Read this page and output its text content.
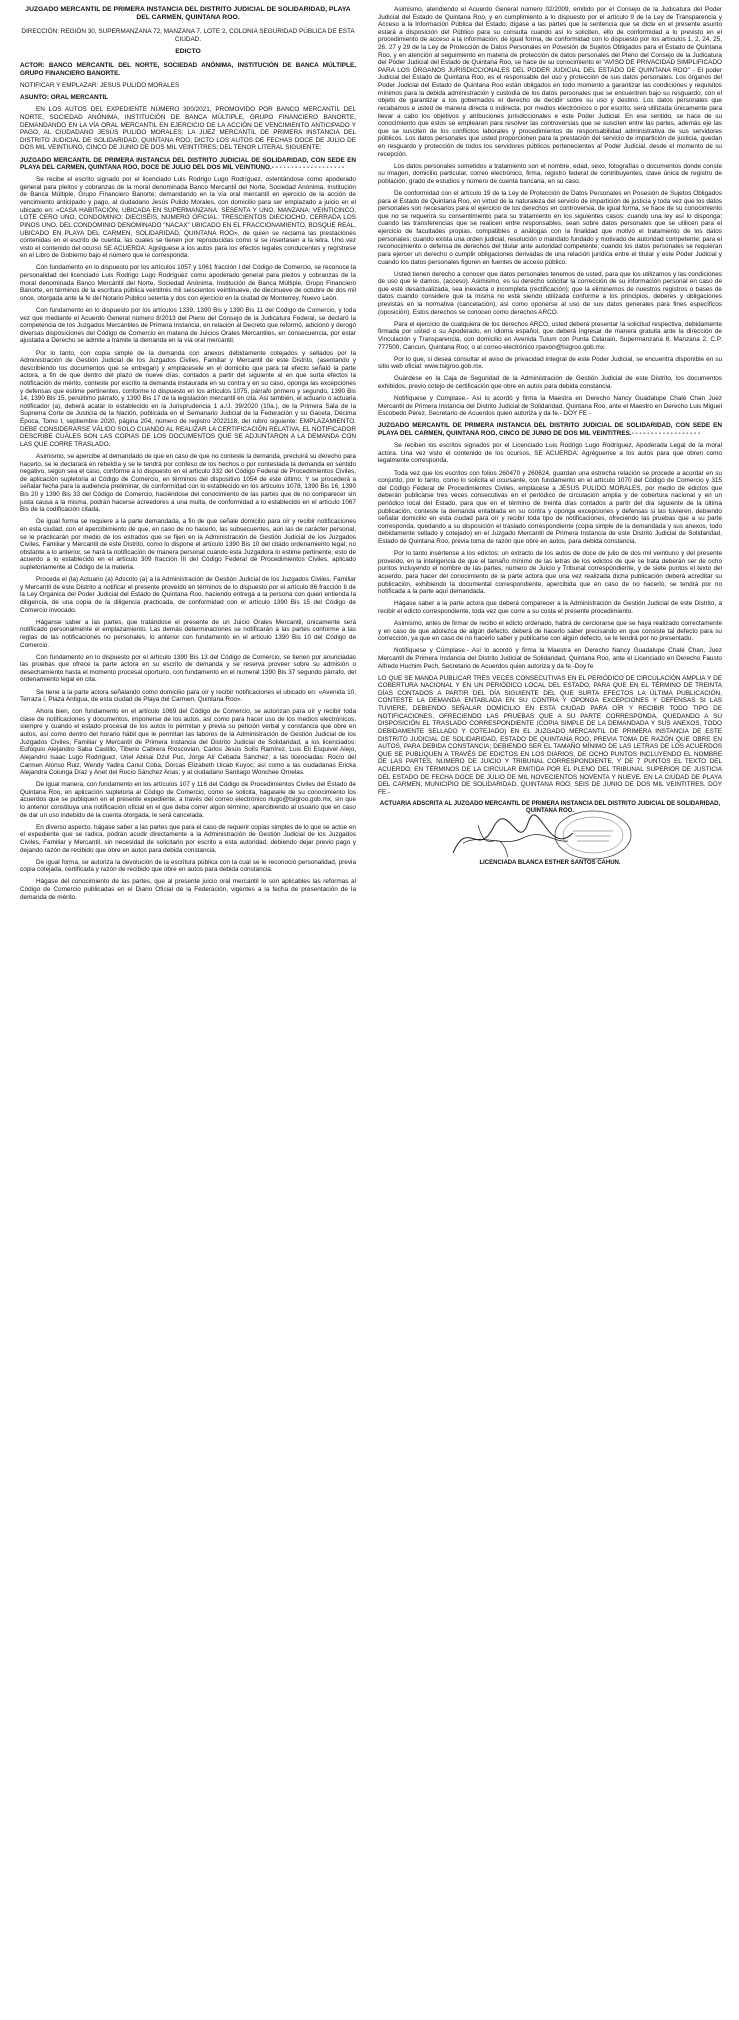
JUZGADO MERCANTIL DE PRIMERA INSTANCIA DEL DISTRITO JUDICIAL DE SOLIDARIDAD, PLAYA DEL CARMEN, QUINTANA ROO.

DIRECCIÓN: REGIÓN 30, SUPERMANZANA 72, MANZANA 7, LOTE 2, COLONIA SEGURIDAD PÚBLICA DE ESTA CIUDAD.

EDICTO

ACTOR: BANCO MERCANTIL DEL NORTE, SOCIEDAD ANÓNIMA, INSTITUCIÓN DE BANCA MÚLTIPLE, GRUPO FINANCIERO BANORTE.

NOTIFICAR Y EMPLAZAR: JESUS PULIDO MORALES

ASUNTO: ORAL MERCANTIL

EN LOS AUTOS DEL EXPEDIENTE NÚMERO 300/2021, PROMOVIDO POR BANCO MERCANTIL DEL NORTE, SOCIEDAD ANÓNIMA, INSTITUCIÓN DE BANCA MÚLTIPLE, GRUPO FINANCIERO BANORTE, DEMANDANDO EN LA VÍA ORAL MERCANTIL EN EJERCICIO DE LA ACCIÓN DE VENCIMIENTO ANTICIPADO Y PAGO, AL CIUDADANO JESÚS PULIDO MORALES; LA JUEZ MERCANTIL DE PRIMERA INSTANCIA DEL DISTRITO JUDICIAL DE SOLIDARIDAD, QUINTANA ROO, DICTO LOS AUTOS DE FECHAS DOCE DE JULIO DE DOS MIL VEINTIUNO, CINCO DE JUNIO DE DOS MIL VEINTITRES; DEL TENOR LITERAL SIGUIENTE:

JUZGADO MERCANTIL DE PRIMERA INSTANCIA DEL DISTRITO JUDICIAL DE SOLIDARIDAD, CON SEDE EN PLAYA DEL CARMEN, QUINTANA ROO, DOCE DE JULIO DEL DOS MIL VEINTIUNO.- - - - - - - - - - - - - - - - - - -

Se recibe el escrito signado por el licenciado Luis Rodrigo Lugo Rodríguez, ostentándose como apoderado general para pleitos y cobranzas de la moral denominada Banco Mercantil del Norte, Sociedad Anónima, Institución de Banca Múltiple, Grupo Financiero Banorte; demandando en la vía oral mercantil en ejercicio de la acción de vencimiento anticipado y pago, al ciudadano Jesús Pulido Morales, con domicilio para ser emplazado a juicio en el ubicado en: «CASA HABITACIÓN, UBICADA EN SUPERMANZANA: SESENTA Y UNO, MANZANA: VEINTICINCO, LOTE CERO UNO, CONDOMINIO: DIECISÉIS, NUMERO OFICIAL: TRESCIENTOS DIECIOCHO, CERRADA LOS PINOS UNO, DEL CONDOMINIO DENOMINADO "NACAX" UBICADO EN EL FRACCIONAMIENTO, BOSQUE REAL, UBICADO EN PLAYA DEL CARMEN, SOLIDARIDAD, QUINTANA ROO», de quien se reclama las prestaciones contenidas en el escrito de cuenta, las cuales se tienen por reproducidas como si se insertasen a la letra. Uno vez visto el contenido del ocurso SE ACUERDA: Agréguese a los autos para los efectos legales conducentes y regístrese en el Libro de Gobierno bajo el número que le corresponda.

Con fundamento en lo dispuesto por los artículos 1057 y 1061 fracción I del Código de Comercio, se reconoce la personalidad del licenciado Luis Rodrigo Lugo Rodríguez como apoderado general para pleitos y cobranzas de la moral denominada Banco Mercantil del Norte, Sociedad Anónima, Institución de Banca Múltiple, Grupo Financiero Banorte, en términos de la escritura pública veintitrés mil seiscientos veintinueve, de diecinueve de octubre de dos mil once, otorgada ante la fe del Notario Público setenta y dos con ejercicio en la ciudad de Monterrey, Nuevo León.

Con fundamento en lo dispuesto por los artículos 1339, 1390 Bis y 1390 Bis 11 del Código de Comercio, y toda vez que mediante el Acuerdo General número 8/2013 del Pleno del Consejo de la Judicatura Federal, se declaró la competencia de los Juzgados Mercantiles de Primera Instancia, en relación al Decreto que reformó, adicionó y derogó diversas disposiciones del Código de Comercio en materia de Juicios Orales Mercantiles, en consecuencia, por estar ajustada a Derecho se admite a trámite la demanda en la vía oral mercantil.

Por lo tanto, con copia simple de la demanda con anexos debidamente cotejados y sellados por la Administración de Gestión Judicial de los Juzgados Civiles, Familiar y Mercantil de este Distrito, (asentando y describiendo los documentos que se entregan) y emplácesele en el domicilio que para tal efecto señaló la parte actora, a fin de que dentro del plazo de nueve días, contados a partir del siguiente al en que surta efectos la notificación de mérito, conteste por escrito la demanda instaurada en su contra y en su caso, oponga las excepciones y defensas que estime pertinentes, conforme lo dispuesto en los artículos 1075, párrafo primero y segundo, 1390 Bis 14, 1390 Bis 15, penúltimo párrafo, y 1390 Bis 17 de la legislación mercantil en cita. Así también, el actuario o actuaria notificador (a), deberá acatar lo establecido en la Jurisprudencia 1 a./J. 39/2020 (10a.), de la Primera Sala de la Suprema Corte de Justicia de la Nación, publicada en el Semanario Judicial de la Federación y su Gaceta, Décima Época, Tomo I, septiembre 2020, página 204, número de registro 2022118, del rubro siguiente: EMPLAZAMIENTO. DEBE CONSIDERARSE VÁLIDO SOLO CUANDO AL REALIZAR LA CERTIFICACIÓN RELATIVA, EL NOTIFICADOR DESCRIBE CUÁLES SON LAS COPIAS DE LOS DOCUMENTOS QUE SE ADJUNTARON A LA DEMANDA CON LAS QUE CORRE TRASLADO.

Asimismo, se apercibe al demandado de que en caso de que no conteste la demanda, precluirá su derecho para hacerlo, se le declarará en rebeldía y se le tendrá por confeso de los hechos o por contestada la demanda en sentido negativo, según sea el caso, conforme a lo dispuesto en el artículo 332 del Código Federal de Procedimientos Civiles, de aplicación supletoria al Código de Comercio, en términos del dispositivo 1054 de este último. Y se procederá a señalar fecha para la audiencia preliminar, de conformidad con lo establecido en los artículos 1078, 1390 Bis 16, 1390 Bis 20 y 1390 Bis 33 del Código de Comercio, haciéndose del conocimiento de las partes que de no comparecer sin justa causa a la misma, podrán hacerse acreedores a una multa, de conformidad a lo establecido en el artículo 1067 Bis de la codificación citada.

De igual forma se requiere a la parte demandada, a fin de que señale domicilio para oír y recibir notificaciones en esta ciudad, con el apercibimiento de que, en caso de no hacerlo, las subsecuentes, aún las de carácter personal, se le practicarán por medio de los estrados que se fijen en la Administración de Gestión Judicial de los Juzgados Civiles, Familiar y Mercantil de este Distrito, como lo dispone el artículo 1390 Bis 10 del citado ordenamiento legal; no obstante a lo anterior, se hará la notificación de manera personal cuando esta Juzgadora lo estime pertinente, esto de acuerdo a lo establecido en el artículo 309 fracción III del Código Federal de Procedimientos Civiles, aplicado supletoriamente al Código de la materia.

Proceda el (la) Actuario (a) Adscrito (a) a la Administración de Gestión Judicial de los Juzgados Civiles, Familiar y Mercantil de este Distrito a notificar el presente proveído en términos de lo dispuesto por el artículo 86 fracción II de la Ley Orgánica del Poder Judicial del Estado de Quintana Roo, haciendo entrega a la persona con quien entienda la diligencia, de una copia de la diligencia practicada, de conformidad con el artículo 1390 Bis 15 del Código de Comercio invocado.

Háganse saber a las partes, que tratándose el presente de un Juicio Orales Mercantil, únicamente será notificado personalmente el emplazamiento. Las demás determinaciones se notificarán a las partes conforme a las reglas de las notificaciones no personales, lo anterior con fundamento en el artículo 1390 Bis 10 del Código de Comercio.

Con fundamento en lo dispuesto por el artículo 1390 Bis 13 del Código de Comercio, se tienen por anunciadas las pruebas que ofrece la parte actora en su escrito de demanda y se reserva proveer sobre su admisión o desechamiento hasta el momento procesal oportuno, con fundamento en el numeral 1390 Bis 37 segundo párrafo, del ordenamiento legal en cita.

Se tiene a la parte actora señalando como domicilio para oír y recibir notificaciones el ubicado en: «Avenida 10, Terraza I, Plaza Antigua, de esta ciudad de Playa del Carmen, Quintana Roo».

Ahora bien, con fundamento en el artículo 1069 del Código de Comercio, se autorizan para oír y recibir toda clase de notificaciones y documentos, imponerse de los autos, así como para hacer uso de los medios electrónicos, siempre y cuando el estado procesal de los autos lo permitan y previa su petición verbal y constancia que obre en autos, así como dentro del horario hábil que le permitan las labores de la Administración de Gestión Judicial de los Juzgados Civiles, Familiar y Mercantil de Primera Instancia del Distrito Judicial de Solidaridad, a los licenciados: Eufoquio Alejandro Saba Castillo, Tiberio Cabrera Rioscovian, Carlos Jesús Solís Ramírez, Luis Eli Esquivel Alejo, Alejandro Isaac Lugo Rodríguez, Uriel Abisai Dzul Puc, Jorge Alí Cebada Sánchez; a las licenciadas: Rocío del Carmen Alonso Ruiz, Wendy Yadira Canul Coba, Dorcas Elizabeth Uicab Kuyoc; así como a las ciudadanas Ericka Alejandra Colunga Díaz y Anet del Rocío Sánchez Arias; y al ciudadano Santiago Wonchee Ornelas.

De igual manera, con fundamento en los artículos 107 y 116 del Código de Procedimientos Civiles del Estado de Quintana Roo, en aplicación supletoria al Código de Comercio, como se solicita, hágasele de su conocimiento los acuerdos que se publiquen en el presente expediente, a través del correo electrónico rlugo@tsigroo.gob.mx, sin que lo anterior constituya una notificación oficial en el que deba correr algún término; apercibiendo al usuario que en caso de dar un uso indebido de la cuenta otorgada, le será cancelada.

En diverso aspecto, hágase saber a las partes que para el caso de requerir copias simples de lo que se actúe en el expediente que se radica, podrán acudir directamente a la Administración de Gestión Judicial de los Juzgados Civiles, Familiar y Mercantil, sin necesidad de solicitarlo por escrito a esta autoridad, debiendo dejar previo pago y dejando razón de recibido que obre en autos para debida constancia.

De igual forma, se autoriza la devolución de la escritura pública con la cual se le reconoció personalidad, previa copia cotejada, certificada y razón de recibido que obre en autos para debida constancia.

Hágase del conocimiento de las partes, que al presente juicio oral mercantil le son aplicables las reformas al Código de Comercio publicadas en el Diario Oficial de la Federación, vigentes a la fecha de presentación de la demanda de mérito.

Asimismo, atendiendo el Acuerdo General número 02/2009, emitido por el Consejo de la Judicatura del Poder Judicial del Estado de Quintana Roo, y en cumplimiento a lo dispuesto por el artículo 9 de la Ley de Transparencia y Acceso a la Información Pública del Estado; dígase a las partes que la sentencia que se dicte en el presente asunto estará a disposición del Público para su consulta cuando así lo soliciten, ello de conformidad a lo previsto en el procedimiento de acceso a la información; de igual forma, de conformidad con lo dispuesto por los artículos 1, 2, 24, 25, 26, 27 y 29 de la Ley de Protección de Datos Personales en Posesión de Sujetos Obligados para el Estado de Quintana Roo, y en atención al seguimiento en materia de protección de datos personales del Pleno del Consejo de la Judicatura del Poder Judicial del Estado de Quintana Roo, se hace de su conocimiento el "AVISO DE PRIVACIDAD SIMPLIFICADO PARA LOS ÓRGANOS JURISDICCIONALES DEL PODER JUDICIAL DEL ESTADO DE QUINTANA ROO" - El poder Judicial del Estado de Quintana Roo, es el responsable del uso y protección de sus datos personales. Los órganos del Poder Judicial del Estado de Quintana Roo están obligados en todo momento a garantizar las condiciones y requisitos mínimos para la debida administración y custodia de los datos personales que se encuentren bajo su resguardo, con el objeto de garantizar a los gobernados el derecho de decidir sobre su uso y destino. Los datos personales que recabamos e usted de manera directa o indirecta, por medios electrónicos o por escrito, será utilizada únicamente para llevar a cabo los objetivos y atribuciones jurisdiccionales e este Poder Judicial. En ese sentido, se hace de su conocimiento que estos se emplearan para resolver las controversias que se susciten entre las partes, además eje las que se susciten de los conflictos laborales y procedimientos de responsabilidad administrativa de sus servidores públicos. Los datos personales que usted proporcionen para la prestación del servicio de impartición de justicia, quedan en resguardo y protección de todos los servidores públicos pertenecientes al Poder Judicial, desde el momento de su recepción.

Los datos personales sometidos a tratamiento son el nombre, edad, sexo, fotografías o documentos donde conste su imagen, domicilio particular, correo electrónico, firma, registro federal de contribuyentes, clave única de registro de población, grado de estudios y número de cuenta bancaria, en su caso.

De conformidad con el artículo 19 de la Ley de Protección de Datos Personales en Posesión de Sujetos Obligados para el Estado de Quintana Roo, en virtud de la naturaleza del servicio de impartición de justicia y toda vez que los datos personales son necesarios para el ejercicio de los derechos en controversia, de igual forma, se hace de su conocimiento que no se requerirá su consentimiento para su tratamiento en los siguientes casos: cuando una ley así lo disponga; cuando las transferencias que se realicen entre responsables, sean sobre datos personales que se utilicen para el ejercicio de facultades propias, compatibles o análogas con la finalidad que motivó el tratamiento de los datos personales; cuando exista una orden judicial, resolución o mandato fundado y motivado de autoridad competente; para el reconocimiento o defensa de derechos del titular ante autoridad competente; cuando los datos personales se requieran para ejercer un derecho o cumplir obligaciones derivadas de una relación jurídica entre el titular y este Poder Judicial y cuando los datos personales figuren en fuentes de acceso público.

Usted tienen derecho a conocer que datos personales tenemos de usted, para que los utilizamos y las condiciones de uso que le damos, (acceso). Asimismo, es su derecho solicitar la corrección de su información personal en caso de que esté desactualizada, sea inexacta o incompleta (rectificación); que la eliminemos de nuestros registros o bases de datos cuando considere que la misma no está siendo utilizada conforme a los principios, deberes y obligaciones previstas en la normativa (cancelación); así como oponerse al uso de sus datos generales para fines específicos (oposición). Estos derechos se conocen como derechos ARCO.

Para el ejercicio de cualquiera de los derechos ARCO, usted deberá presentar la solicitud respectiva, debidamente firmada por usted o su Apoderado, en idioma español, que deberá ingresar de manera gratuita ante la dirección de Vinculación y Transparencia, con domicilio en Avenida Tulum con Punta Celarain, Supermanzana 8, Manzana 2, C.P. 777500, Cancun, Quintana Roo; o al correo electrónico rpavon@tsigroo.gob.mx.

Por lo que, si desea consultar el aviso de privacidad integral de este Poder Judicial, se encuentra disponible en su sitio web oficial: www.tsigroo.gob.mx.

Guárdese en la Caja de Seguridad de la Administración de Gestión Judicial de este Distrito, los documentos exhibidos, previo cotejo de certificación que obre en autos para debida constancia.

Notifíquese y Cúmplase.- Así lo acordó y firma la Maestra en Derecho Nancy Guadalupe Chalé Chan Juez Mercantil de Primera Instancia del Distrito Judicial de Solidaridad, Quintana Roo, ante el Maestro en Derecho Luis Miguel Escobedo Pérez, Secretario de Acuerdos quien autoriza y da fe.- DOY FE -

JUZGADO MERCANTIL DE PRIMERA INSTANCIA DEL DISTRITO JUDICIAL DE SOLIDARIDAD, CON SEDE EN PLAYA DEL CARMEN, QUINTANA ROO, CINCO DE JUNIO DE DOS MIL VEINTITRES.- - - - - - - - - - - - - - - - - -

Se reciben los escritos signados por el Licenciado Luis Rodrigo Lugo Rodríguez, Apoderada Legal de la moral actora. Una vez visto el contenido de los ocursos, SE ACUERDA: Agréguense a los autos para que obren como legalmente corresponda.

Toda vez que los escritos con folios 260470 y 260624, guardan una estrecha relación se procede a acordar en su conjunto, por lo tanto, como lo solicita el ocursante, con fundamento en el artículo 1070 del Código de Comercio y 315 del Código Federal de Procedimientos Civiles, emplácese a JESUS PULIDO MORALES, por medio de edictos que deberán publicarse tres veces consecutivas en el periódico de circulación amplia y de cobertura nacional y en un periódico local del Estado, para que en el término de treinta días contados a partir del día siguiente de la última publicación, conteste la demanda entablada en su contra y oponga excepciones y defensas si las tuvieren, debiendo señalar domicilio en esta ciudad para oír y recibir toda tipo de notificaciones, ofreciendo las pruebas que a su parte corresponda, quedando a su disposición el traslado correspondiente (copia simple de la demandada y sus anexos, todo debidamente sellado y cotejado) en el Juzgado Mercantil de Primera Instancia de este Distrito Judicial de Solidaridad, Estado de Quintana Roo, previa toma de razón que obre en autos, para debida constancia.

Por lo tanto insértense a los edictos: un extracto de los autos de doce de julio de dos mil veintiuno y del presente proveído, en la inteligencia de que el tamaño mínimo de las letras de los edictos de que se trata deberán ser de ocho puntos incluyendo el nombre de las partes, número de Juicio y Tribunal correspondiente, y de siete puntos el texto del acuerdo, para hacer del conocimiento de la parte actora que una vez realizada dicha publicación deberá acreditar su publicación, exhibiendo la documental correspondiente, apercibida que en caso de no hacerlo, se tendrá por no notificada a la parte aquí demandada.

Hágase saber a la parte actora que deberá comparecer a la Administración de Gestión Judicial de este Distrito, a recibir el edicto correspondiente, toda vez que corre a su costa el presente procedimiento.

Asimismo, antes de firmar de recibo el edicto ordenado, habrá de cerciorarse que se haya realizado correctamente y en caso de que adolezca de algún defecto, deberá de hacerlo saber precisando en que consiste tal defecto para su corrección, ya que en caso de no hacerlo saber y publicarse con algún defecto, se le tendrá por no presentado.

Notifíquese y Cúmplase.- Así lo acordó y firma la Maestra en Derecho Nancy Guadalupe Chalé Chan, Juez Mercantil de Primera Instancia del Distrito Judicial de Solidaridad, Quintana Roo, ante el Licenciado en Derecho Fausto Alfredo Huchim Pech, Secretario de Acuerdos quien autoriza y da fe.-Doy fe

LO QUE SE MANDA PUBLICAR TRES VECES CONSECUTIVAS EN EL PERIÓDICO DE CIRCULACIÓN AMPLIA Y DE COBERTURA NACIONAL Y EN UN PERIÓDICO LOCAL DEL ESTADO, PARA QUE EN EL TÉRMINO DE TREINTA DÍAS CONTADOS A PARTIR DEL DÍA SIGUIENTE DEL QUE SURTA EFECTOS LA ÚLTIMA PUBLICACIÓN, CONTESTE LA DEMANDA ENTABLADA EN SU CONTRA Y OPONGA EXCEPCIONES Y DEFENSAS SI LAS TUVIERE, DEBIENDO SEÑALAR DOMICILIO EN ESTA CIUDAD PARA OÍR Y RECIBIR TODO TIPO DE NOTIFICACIONES, OFRECIENDO LAS PRUEBAS QUE A SU PARTE CORRESPONDA, QUEDANDO A SU DISPOSICIÓN EL TRASLADO CORRESPONDIENTE (COPIA SIMPLE DE LA DEMANDADA Y SUS ANEXOS, TODO DEBIDAMENTE SELLADO Y COTEJADO) EN EL JUZGADO MERCANTIL DE PRIMERA INSTANCIA DE ESTE DISTRITO JUDICIAL DE SOLIDARIDAD, ESTADO DE QUINTANA ROO, PREVIA TOMA DE RAZÓN QUE OBRE EN AUTOS, PARA DEBIDA CONSTANCIA; DEBIENDO SER EL TAMAÑO MÍNIMO DE LAS LETRAS DE LOS ACUERDOS QUE SE PUBLIQUEN A TRAVÉS DE EDICTOS EN LOS DIARIOS, DE OCHO PUNTOS INCLUYENDO EL NOMBRE DE LAS PARTES, NÚMERO DE JUICIO Y TRIBUNAL CORRESPONDIENTE, Y DE 7 PUNTOS EL TEXTO DEL ACUERDO; EN TÉRMINOS DE LA CIRCULAR EMITIDA POR EL PLENO DEL TRIBUNAL SUPERIOR DE JUSTICIA DEL ESTADO DE FECHA DOCE DE JULIO DE MIL NOVECIENTOS NOVENTA Y NUEVE. EN LA CIUDAD DE PLAYA DEL CARMEN, MUNICIPIO DE SOLIDARIDAD, QUINTANA ROO, SEIS DE JUNIO DE DOS MIL VEINTITRES. DOY FE.-

ACTUARIA ADSCRITA AL JUZGADO MERCANTIL DE PRIMERA INSTANCIA DEL DISTRITO JUDICIAL DE SOLIDARIDAD, QUINTANA ROO.
LICENCIADA BLANCA ESTHER SANTOS CAHUN.
